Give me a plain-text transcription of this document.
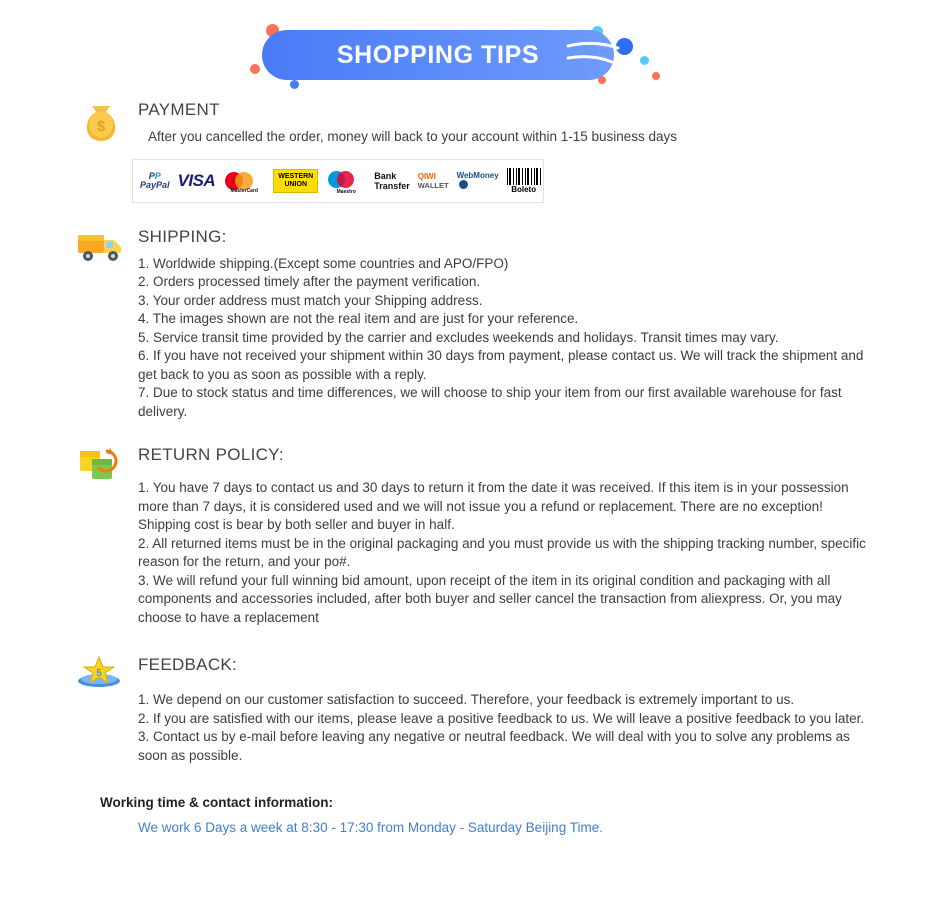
SHOPPING TIPS
$
PAYMENT

After you cancelled the order, money will back to your account within 1-15 business days

PP
PayPal VISA
MasterCard
WESTERN
UNION
Maestro
Bank Transfer
QIWI
WALLET
WebMoney
Boleto
SHIPPING:

1. Worldwide shipping.(Except some countries and APO/FPO)

2. Orders processed timely after the payment verification.

3. Your order address must match your Shipping address.

4. The images shown are not the real item and are just for your reference.

5. Service transit time provided by the carrier and excludes weekends and holidays. Transit times may vary.

6. If you have not received your shipment within 30 days from payment, please contact us. We will track the shipment and get back to you as soon as possible with a reply.

7. Due to stock status and time differences, we will choose to ship your item from our first available warehouse for fast delivery.

RETURN POLICY:

1. You have 7 days to contact us and 30 days to return it from the date it was received. If this item is in your possession more than 7 days, it is considered used and we will not issue you a refund or replacement. There are no exception! Shipping cost is bear by both seller and buyer in half.

2. All returned items must be in the original packaging and you must provide us with the shipping tracking number, specific reason for the return, and your po#.

3. We will refund your full winning bid amount, upon receipt of the item in its original condition and packaging with all components and accessories included, after both buyer and seller cancel the transaction from aliexpress. Or, you may choose to have a replacement

5 FEEDBACK:

1. We depend on our customer satisfaction to succeed. Therefore, your feedback is extremely important to us.

2. If you are satisfied with our items, please leave a positive feedback to us. We will leave a positive feedback to you later.

3. Contact us by e-mail before leaving any negative or neutral feedback. We will deal with you to solve any problems as soon as possible.

Working time & contact information:

We work 6 Days a week at 8:30 - 17:30 from Monday - Saturday Beijing Time.
